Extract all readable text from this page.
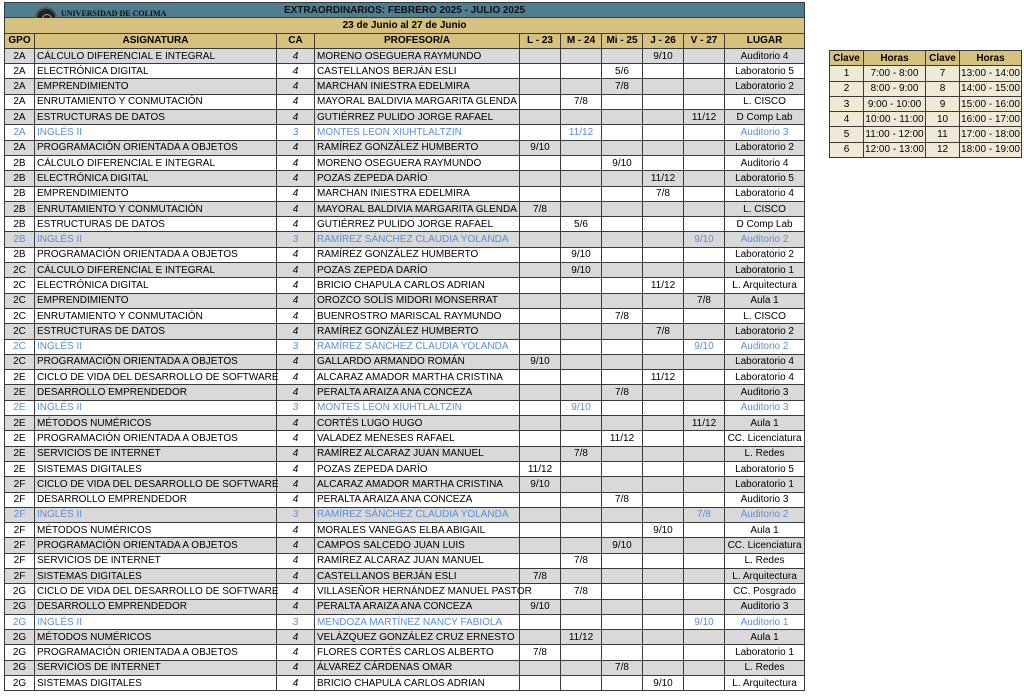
UNIVERSIDAD DE COLIMA EXTRAORDINARIOS: FEBRERO 2025 - JULIO 2025									
23 de Junio al 27 de Junio									
GPO	ASIGNATURA	CA	PROFESOR/A	L - 23	M - 24	Mi - 25	J - 26	V - 27	LUGAR
2A	CÁLCULO DIFERENCIAL E INTEGRAL	4	MORENO OSEGUERA RAYMUNDO				9/10		Auditorio 4
2A	ELECTRÓNICA DIGITAL	4	CASTELLANOS BERJÁN ESLI			5/6			Laboratorio 5
2A	EMPRENDIMIENTO	4	MARCHAN INIESTRA EDELMIRA			7/8			Laboratorio 2
2A	ENRUTAMIENTO Y CONMUTACIÓN	4	MAYORAL BALDIVIA MARGARITA GLENDA		7/8				L. CISCO
2A	ESTRUCTURAS DE DATOS	4	GUTIÉRREZ PULIDO JORGE RAFAEL					11/12	D Comp Lab
2A	INGLÉS II	3	MONTES LEON XIUHTLALTZIN		11/12				Auditorio 3
2A	PROGRAMACIÓN ORIENTADA A OBJETOS	4	RAMÍREZ GONZÁLEZ HUMBERTO	9/10					Laboratorio 2
2B	CÁLCULO DIFERENCIAL E INTEGRAL	4	MORENO OSEGUERA RAYMUNDO			9/10			Auditorio 4
2B	ELECTRÓNICA DIGITAL	4	POZAS ZEPEDA DARÍO				11/12		Laboratorio 5
2B	EMPRENDIMIENTO	4	MARCHAN INIESTRA EDELMIRA				7/8		Laboratorio 4
2B	ENRUTAMIENTO Y CONMUTACIÓN	4	MAYORAL BALDIVIA MARGARITA GLENDA	7/8					L. CISCO
2B	ESTRUCTURAS DE DATOS	4	GUTIÉRREZ PULIDO JORGE RAFAEL		5/6				D Comp Lab
2B	INGLÉS II	3	RAMÍREZ SÁNCHEZ CLAUDIA YOLANDA					9/10	Auditorio 2
2B	PROGRAMACIÓN ORIENTADA A OBJETOS	4	RAMÍREZ GONZÁLEZ HUMBERTO		9/10				Laboratorio 2
2C	CÁLCULO DIFERENCIAL E INTEGRAL	4	POZAS ZEPEDA DARÍO		9/10				Laboratorio 1
2C	ELECTRÓNICA DIGITAL	4	BRICIO CHAPULA CARLOS ADRIAN				11/12		L. Arquitectura
2C	EMPRENDIMIENTO	4	OROZCO SOLÍS MIDORI MONSERRAT					7/8	Aula 1
2C	ENRUTAMIENTO Y CONMUTACIÓN	4	BUENROSTRO MARISCAL RAYMUNDO			7/8			L. CISCO
2C	ESTRUCTURAS DE DATOS	4	RAMÍREZ GONZÁLEZ HUMBERTO				7/8		Laboratorio 2
2C	INGLÉS II	3	RAMÍREZ SÁNCHEZ CLAUDIA YOLANDA					9/10	Auditorio 2
2C	PROGRAMACIÓN ORIENTADA A OBJETOS	4	GALLARDO ARMANDO ROMÁN	9/10					Laboratorio 4
2E	CICLO DE VIDA DEL DESARROLLO DE SOFTWARE	4	ALCARAZ AMADOR MARTHA CRISTINA				11/12		Laboratorio 4
2E	DESARROLLO EMPRENDEDOR	4	PERALTA ARAIZA ANA CONCEZA			7/8			Auditorio 3
2E	INGLÉS II	3	MONTES LEON XIUHTLALTZIN		9/10				Auditorio 3
2E	MÉTODOS NUMÉRICOS	4	CORTÉS LUGO HUGO					11/12	Aula 1
2E	PROGRAMACIÓN ORIENTADA A OBJETOS	4	VALADEZ MENESES RAFAEL			11/12			CC. Licenciatura
2E	SERVICIOS DE INTERNET	4	RAMÍREZ ALCARAZ JUAN MANUEL		7/8				L. Redes
2E	SISTEMAS DIGITALES	4	POZAS ZEPEDA DARÍO	11/12					Laboratorio 5
2F	CICLO DE VIDA DEL DESARROLLO DE SOFTWARE	4	ALCARAZ AMADOR MARTHA CRISTINA	9/10					Laboratorio 1
2F	DESARROLLO EMPRENDEDOR	4	PERALTA ARAIZA ANA CONCEZA			7/8			Auditorio 3
2F	INGLÉS II	3	RAMÍREZ SÁNCHEZ CLAUDIA YOLANDA					7/8	Auditorio 2
2F	MÉTODOS NUMÉRICOS	4	MORALES VANEGAS ELBA ABIGAIL				9/10		Aula 1
2F	PROGRAMACIÓN ORIENTADA A OBJETOS	4	CAMPOS SALCEDO JUAN LUIS			9/10			CC. Licenciatura
2F	SERVICIOS DE INTERNET	4	RAMÍREZ ALCARAZ JUAN MANUEL		7/8				L. Redes
2F	SISTEMAS DIGITALES	4	CASTELLANOS BERJÁN ESLI	7/8					L. Arquitectura
2G	CICLO DE VIDA DEL DESARROLLO DE SOFTWARE	4	VILLASEÑOR HERNÁNDEZ MANUEL PASTOR		7/8				CC. Posgrado
2G	DESARROLLO EMPRENDEDOR	4	PERALTA ARAIZA ANA CONCEZA	9/10					Auditorio 3
2G	INGLÉS II	3	MENDOZA MARTÍNEZ NANCY FABIOLA					9/10	Auditorio 1
2G	MÉTODOS NUMÉRICOS	4	VELÁZQUEZ GONZÁLEZ CRUZ ERNESTO		11/12				Aula 1
2G	PROGRAMACIÓN ORIENTADA A OBJETOS	4	FLORES CORTÉS CARLOS ALBERTO	7/8					Laboratorio 1
2G	SERVICIOS DE INTERNET	4	ÁLVAREZ CÁRDENAS OMAR			7/8			L. Redes
2G	SISTEMAS DIGITALES	4	BRICIO CHAPULA CARLOS ADRIAN				9/10		L. Arquitectura
Clave	Horas	Clave	Horas
1	7:00 - 8:00	7	13:00 - 14:00
2	8:00 - 9:00	8	14:00 - 15:00
3	9:00 - 10:00	9	15:00 - 16:00
4	10:00 - 11:00	10	16:00 - 17:00
5	11:00 - 12:00	11	17:00 - 18:00
6	12:00 - 13:00	12	18:00 - 19:00
